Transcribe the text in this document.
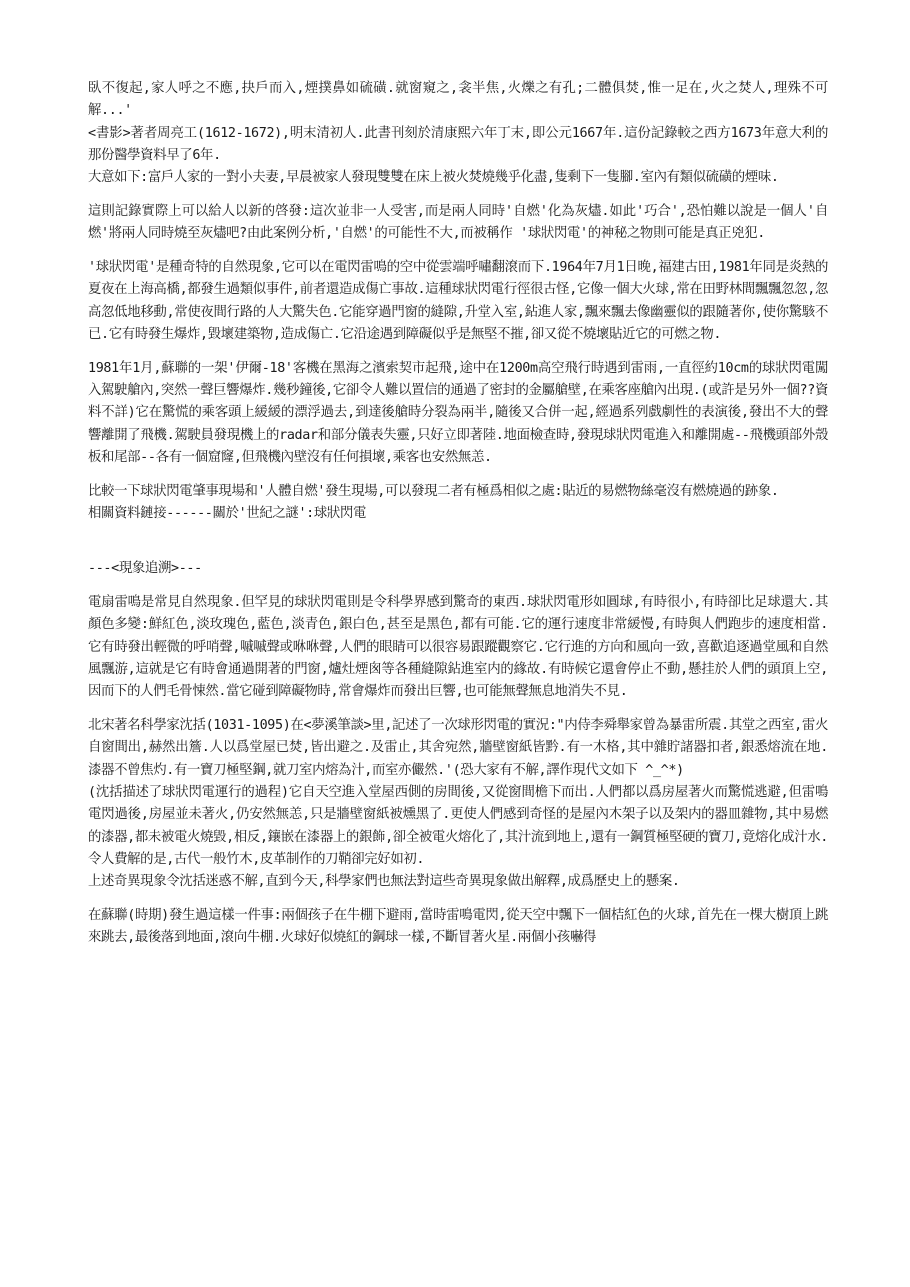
臥不復起,家人呼之不應,抉戶而入,煙撲鼻如硫磺.就窗窺之,衾半焦,火爍之有孔;二體俱焚,惟一足在,火之焚人,理殊不可解...'

<書影>著者周亮工(1612-1672),明末清初人.此書刊刻於清康熙六年丁末,即公元1667年.這份記錄較之西方1673年意大利的那份醫學資料早了6年.

大意如下:富戶人家的一對小夫妻,早晨被家人發現雙雙在床上被火焚燒幾乎化盡,隻剩下一隻腳.室內有類似硫磺的煙味.

這則記錄實際上可以給人以新的啓發:這次並非一人受害,而是兩人同時'自燃'化為灰燼.如此'巧合',恐怕難以說是一個人'自燃'將兩人同時燒至灰燼吧?由此案例分析,'自燃'的可能性不大,而被稱作 '球狀閃電'的神秘之物則可能是真正兇犯.

'球狀閃電'是種奇特的自然現象,它可以在電閃雷鳴的空中從雲端呼嘯翻滾而下.1964年7月1日晚,福建古田,1981年同是炎熱的夏夜在上海高橋,都發生過類似事件,前者還造成傷亡事故.這種球狀閃電行徑很古怪,它像一個大火球,常在田野林間飄飄忽忽,忽高忽低地移動,常使夜間行路的人大驚失色.它能穿過門窗的縫隙,升堂入室,鉆進人家,飄來飄去像幽靈似的跟隨著你,使你驚駭不已.它有時發生爆炸,毀壞建築物,造成傷亡.它沿途遇到障礙似乎是無堅不摧,卻又從不燒壞貼近它的可燃之物.

1981年1月,蘇聯的一架'伊爾-18'客機在黑海之濱索契市起飛,途中在1200m高空飛行時遇到雷雨,一直徑約10cm的球狀閃電闖入駕駛艙內,突然一聲巨響爆炸.幾秒鐘後,它卻令人難以置信的通過了密封的金屬艙壁,在乘客座艙內出現.(或許是另外一個??資料不詳)它在驚慌的乘客頭上緩緩的漂浮過去,到達後艙時分裂為兩半,隨後又合併一起,經過系列戲劇性的表演後,發出不大的聲響離開了飛機.駕駛員發現機上的radar和部分儀表失靈,只好立即著陸.地面檢查時,發現球狀閃電進入和離開處--飛機頭部外殼板和尾部--各有一個窟窿,但飛機內壁沒有任何損壞,乘客也安然無恙.

比較一下球狀閃電肇事現場和'人體自燃'發生現場,可以發現二者有極爲相似之處:貼近的易燃物絲毫沒有燃燒過的跡象.

相關資料鏈接------關於'世紀之謎':球狀閃電

---<現象追溯>---

電扇雷鳴是常見自然現象.但罕見的球狀閃電則是令科學界感到驚奇的東西.球狀閃電形如圓球,有時很小,有時卻比足球還大.其顏色多變:鮮紅色,淡玫瑰色,藍色,淡青色,銀白色,甚至是黑色,都有可能.它的運行速度非常緩慢,有時與人們跑步的速度相當.它有時發出輕微的呼哨聲,嘁嘁聲或咻咻聲,人們的眼睛可以很容易跟蹤觀察它.它行進的方向和風向一致,喜歡追逐過堂風和自然風飄游,這就是它有時會通過開著的門窗,爐灶煙囪等各種縫隙鉆進室内的緣故.有時候它還會停止不動,懸挂於人們的頭頂上空,因而下的人們毛骨悚然.當它碰到障礙物時,常會爆炸而發出巨響,也可能無聲無息地消失不見.

北宋著名科學家沈括(1031-1095)在<夢溪筆談>里,記述了一次球形閃電的實況:"内侍李舜舉家曾為暴雷所震.其堂之西室,雷火自窗間出,赫然出簷.人以爲堂屋已焚,皆出避之.及雷止,其舍宛然,牆壁窗紙皆黔.有一木格,其中雜貯諸器扣者,銀悉熔流在地.漆器不曾焦灼.有一寶刀極堅鋼,就刀室内熔為汁,而室亦儼然.'(恐大家有不解,譯作現代文如下 ^_^*)

(沈括描述了球狀閃電運行的過程)它自天空進入堂屋西側的房間後,又從窗間檐下而出.人們都以爲房屋著火而驚慌逃避,但雷鳴電閃過後,房屋並未著火,仍安然無恙,只是牆壁窗紙被燻黑了.更使人們感到奇怪的是屋內木架子以及架内的器皿雜物,其中易燃的漆器,都未被電火燒毀,相反,鑲嵌在漆器上的銀飾,卻全被電火熔化了,其汁流到地上,還有一鋼質極堅硬的寶刀,竟熔化成汁水.令人費解的是,古代一般竹木,皮革制作的刀鞘卻完好如初.

上述奇異現象令沈括迷惑不解,直到今天,科學家們也無法對這些奇異現象做出解釋,成爲歷史上的懸案.

在蘇聯(時期)發生過這樣一件事:兩個孩子在牛棚下避雨,當時雷鳴電閃,從天空中飄下一個桔紅色的火球,首先在一棵大樹頂上跳來跳去,最後落到地面,滾向牛棚.火球好似燒紅的鋼球一樣,不斷冒著火星.兩個小孩嚇得
